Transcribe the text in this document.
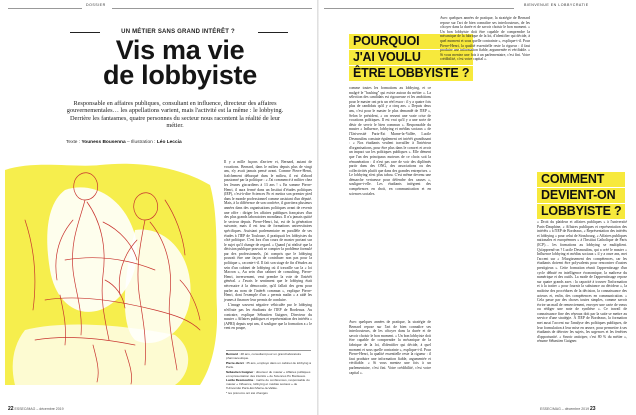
DOSSIER
UN MÉTIER SANS GRAND INTÉRÊT ?
Vis ma vie
de lobbyiste
Responsable en affaires publiques, consultant en influence, directeur des affaires gouvernementales… les appellations varient, mais l'activité est la même : le lobbying. Derrière les fantasmes, quatre personnes du secteur nous racontent la réalité de leur métier.
Texte : Youness Bousenna – Illustration : Léo Leccia

Il y a mille façons d'arriver et, Bernard, autant de vocations. Bernard, dans le milieu depuis plus de vingt ans, n'y avait jamais pensé avant. Comme Pierre-Henri, fraîchement débarqué dans le milieu, il est d'abord passionné par la politique : « J'ai commencé à militer chez les Jeunes giscardiens à 13 ans ! » En somme Pierre-Henri, il aura fermé dans un Institut d'études politiques (IEP), c'est-à-dire Sciences Po et mettra son premier pied dans le monde professionnel comme assistant d'un député. Mais, à la différence de son confrère, il gravitera plusieurs années dans des organisations politiques avant de revenir une offre : diriger les affaires publiques françaises d'un des plus grands laboratoires mondiaux. Il n'a jamais quitté le secteur depuis. Pierre-Henri, lui, est de la génération suivante, mais il est issu de formations universitaires spécifiques. Assistant parlementaire en parallèle de ses études à l'IEP de Toulouse, il pratiquait les lobbyistes du côté politique. C'est lors d'un cours de master portant sur le sujet qu'il change de regard. « Quand j'ai réalisé que la décision publique pouvait se compter la problème formulé par des professionnels, j'ai compris que le lobbying pouvait être une façon de contribuer non pas pour la politique », raconte-t-il. Il fait son stage de fin d'études au sein d'un cabinet de lobbying où il travaille sur la « loi Macron », Au sein d'un cabinet de consulting, Pierre-Henri, inversement, veut prendre la voie de l'intérêt général. « J'avais le sentiment que le lobbying était nécessaire à la démocratie, qu'il fallait des gens pour parler au nom de l'intérêt commun », explique Pierre-Henri, dont l'exemple d'un « permis malin » a aidé les jeunes à financer leur permis de conduire.

L'image souvent négative véhiculée par le lobbying n'effraie pas les étudiants de l'IEP de Bordeaux. Au contraire, explique Sébastien Guigner, Directeur du master « Affaires publiques et représentation des intérêts » (APRI) depuis sept ans, il souligne que la formation a « le vent en poupe,

Bernard : 48 ans, consultant pour un grand laboratoire pharmaceutique.

Pierre-Henri : 35 ans, employé dans un cabinet de lobbying à Paris.

Sébastien Guigner : directeur du master « Affaires publiques et représentation des intérêts » de Sciences Po Bordeaux.

Lucile Desmoulins : maître de conférences, responsable du master « Influence, lobbying et médias sociaux » de l'Université Paris-Est Marne-la-Vallée.

* les prénoms ont été changés

22 ESSEC/MAG – décembre 2019
BIENVENUE EN LOBBYCRATIE
POURQUOI
J'AI VOULU
ÊTRE LOBBYISTE ?

comme toutes les formations au lobbying, et ce malgré le "bashing" qui existe autour du métier ». La sélection des candidats est rigoureuse et les ambitions pour le master ont pris un réel essor : il y a quatre fois plus de candidats qu'il y a cinq ans. « Depuis deux ans, c'est pour le master le plus demandé de l'IEP », Selon le président, « on ressent une vraie crise de vocations politiques. Il est vrai qu'il y a une sorte de désir de servir le bien commun ». Responsable du master « Influence, lobbying et médias sociaux » de l'Université Paris-Est Marne-la-Vallée, Lucile Desmoulins constate également cet intérêt grandissant : « Nos étudiants veulent travailler à l'intérieur d'organisations, pour être plus dans le concret et avoir un impact sur les politiques publiques ». Elle dément que l'un des principaux moteurs de ce choix soit la rémunération : il n'est pas rare de voir des diplômés partir dans des ONG, des associations ou des collectivités plutôt que dans des grandes entreprises. « Le lobbying n'est plus tabou. C'est même devenu une démarche vertueuse pour défendre des causes », souligne-t-elle. Les étudiants intègrent des compétences en droit, en communication et en sciences sociales.

Avec quelques années de pratique, la stratégie de Bernard repose sur l'art de bien connaître ses interlocuteurs, de les côtoyer dans la durée et de savoir choisir le bon moment. « Un bon lobbyiste doit être capable de comprendre la mécanique de la fabrique de la loi, d'identifier qui décide, à quel moment et sous quelle contrainte », explique-t-il. Pour Pierre-Henri, la qualité essentielle reste la rigueur : il faut produire une information fiable, argumentée et vérifiable. « Si vous mentez une fois à un parlementaire, c'est fini. Votre crédibilité, c'est votre capital ».

Avec quelques années de pratique, la stratégie de Bernard repose sur l'art de bien connaître ses interlocuteurs, de les côtoyer dans la durée et de savoir choisir le bon moment. « Un bon lobbyiste doit être capable de comprendre la mécanique de la fabrique de la loi, d'identifier qui décide, à quel moment et sous quelle contrainte », explique-t-il. Pour Pierre-Henri, la qualité essentielle reste la rigueur : il faut produire une information fiable, argumentée et vérifiable. « Si vous mentez une fois à un parlementaire, c'est fini. Votre crédibilité, c'est votre capital ».

COMMENT
DEVIENT-ON
LOBBYISTE ?

« Droit du plaideur et affaires publiques » à l'université Paris-Dauphine, « Affaires publiques et représentation des intérêts » à l'IEP de Bordeaux, « Représentation des intérêts et lobbying » pour celui de Strasbourg, « Affaires publiques nationales et européennes » à l'Institut Catholique de Paris (ICP)… les formations au lobbying se multiplient. Qu'apprend-on ? Lucile Desmoulins, qui a créé le master « Influence lobbying et médias sociaux » il y a onze ans, met l'accent sur « l'élargissement des compétences, car les étudiants doivent être polyvalents pour rencontrer d'autres prestigieux ». Cette formation réunit l'apprentissage d'un cycle débuté en intelligence économique, la maîtrese du numérique et des outils. La mode de l'apprentissage repose sur quatre grands axes : la capacité à trouver l'information et à la traiter « pour fournir la substance au décideur », la maîtrise des procédures de la décision, la connaissance des acteurs et, enfin, des compétences en communication. « Cela passe par des choses toutes simples, comme savoir écrire un mail de remerciement, envoyer une carte de vœux ou rédiger une note de synthèse ». Ce travail de connaissance fine des réseaux doit par la suite se mettre au service d'une stratégie. À l'IEP de Bordeaux, la formation met aussi l'accent sur l'analyse des politiques publiques, de leur formulation à leur mise en œuvre, pour permettre à ses étudiants de détecter les sujets, les urgences et les fenêtres d'opportunité. « Savoir anticiper, c'est 80 % du métier », résume Sébastien Guigner.

ESSEC/MAG – décembre 2019 23
